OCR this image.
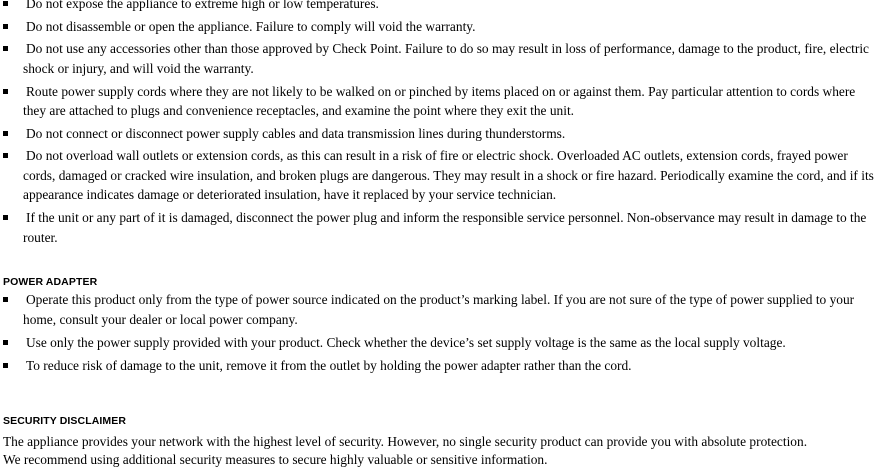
Do not expose the appliance to extreme high or low temperatures.
Do not disassemble or open the appliance. Failure to comply will void the warranty.
Do not use any accessories other than those approved by Check Point. Failure to do so may result in loss of performance, damage to the product, fire, electric shock or injury, and will void the warranty.
Route power supply cords where they are not likely to be walked on or pinched by items placed on or against them. Pay particular attention to cords where they are attached to plugs and convenience receptacles, and examine the point where they exit the unit.
Do not connect or disconnect power supply cables and data transmission lines during thunderstorms.
Do not overload wall outlets or extension cords, as this can result in a risk of fire or electric shock. Overloaded AC outlets, extension cords, frayed power cords, damaged or cracked wire insulation, and broken plugs are dangerous. They may result in a shock or fire hazard. Periodically examine the cord, and if its appearance indicates damage or deteriorated insulation, have it replaced by your service technician.
If the unit or any part of it is damaged, disconnect the power plug and inform the responsible service personnel. Non-observance may result in damage to the router.
POWER ADAPTER
Operate this product only from the type of power source indicated on the product’s marking label. If you are not sure of the type of power supplied to your home, consult your dealer or local power company.
Use only the power supply provided with your product. Check whether the device’s set supply voltage is the same as the local supply voltage.
To reduce risk of damage to the unit, remove it from the outlet by holding the power adapter rather than the cord.
SECURITY DISCLAIMER

The appliance provides your network with the highest level of security. However, no single security product can provide you with absolute protection.
We recommend using additional security measures to secure highly valuable or sensitive information.
